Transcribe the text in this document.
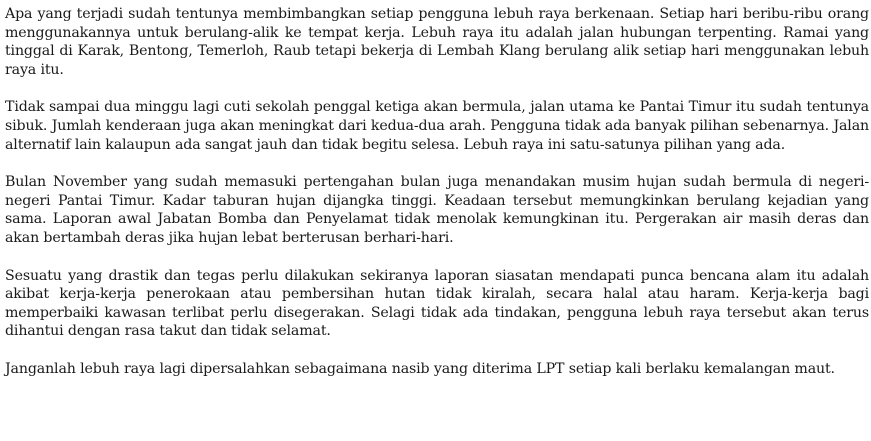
Apa yang terjadi sudah tentunya membimbangkan setiap pengguna lebuh raya berkenaan. Setiap hari beribu-ribu orang menggunakannya untuk berulang-alik ke tempat kerja. Lebuh raya itu adalah jalan hubungan terpenting. Ramai yang tinggal di Karak, Bentong, Temerloh, Raub tetapi bekerja di Lembah Klang berulang alik setiap hari menggunakan lebuh raya itu.

Tidak sampai dua minggu lagi cuti sekolah penggal ketiga akan bermula, jalan utama ke Pantai Timur itu sudah tentunya sibuk. Jumlah kenderaan juga akan meningkat dari kedua-dua arah. Pengguna tidak ada banyak pilihan sebenarnya. Jalan alternatif lain kalaupun ada sangat jauh dan tidak begitu selesa. Lebuh raya ini satu-satunya pilihan yang ada.

Bulan November yang sudah memasuki pertengahan bulan juga menandakan musim hujan sudah bermula di negeri-negeri Pantai Timur. Kadar taburan hujan dijangka tinggi. Keadaan tersebut memungkinkan berulang kejadian yang sama. Laporan awal Jabatan Bomba dan Penyelamat tidak menolak kemungkinan itu. Pergerakan air masih deras dan akan bertambah deras jika hujan lebat berterusan berhari-hari.

Sesuatu yang drastik dan tegas perlu dilakukan sekiranya laporan siasatan mendapati punca bencana alam itu adalah akibat kerja-kerja penerokaan atau pembersihan hutan tidak kiralah, secara halal atau haram. Kerja-kerja bagi memperbaiki kawasan terlibat perlu disegerakan. Selagi tidak ada tindakan, pengguna lebuh raya tersebut akan terus dihantui dengan rasa takut dan tidak selamat.

Janganlah lebuh raya lagi dipersalahkan sebagaimana nasib yang diterima LPT setiap kali berlaku kemalangan maut.
